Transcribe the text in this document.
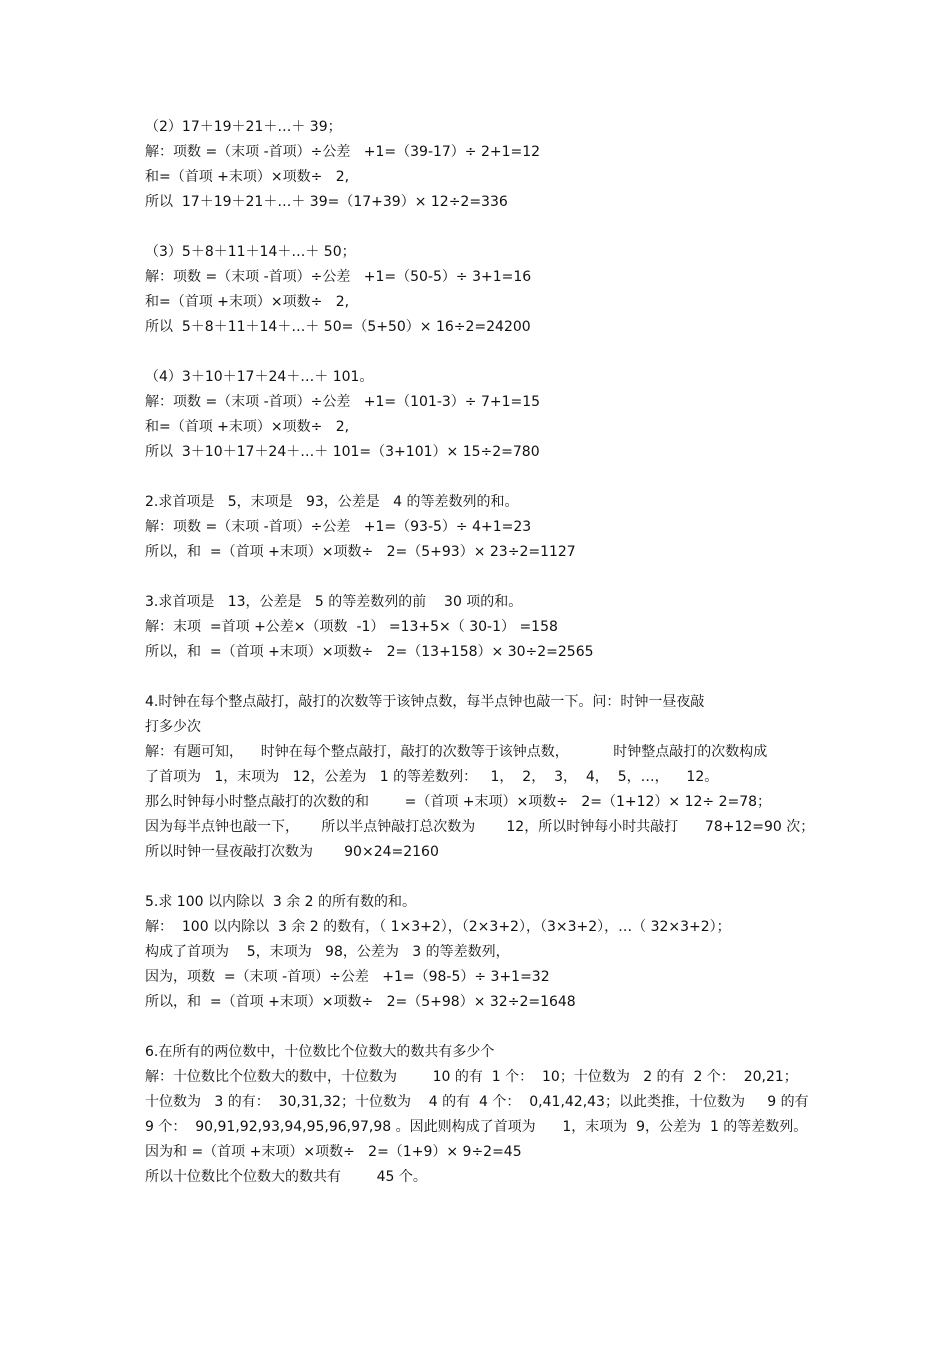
（2）17＋19＋21＋…＋ 39；

解：项数 =（末项 -首项）÷公差   +1=（39-17）÷ 2+1=12

和=（首项 +末项）×项数÷   2,

所以  17＋19＋21＋…＋ 39=（17+39）× 12÷2=336

（3）5＋8＋11＋14＋…＋ 50；

解：项数 =（末项 -首项）÷公差   +1=（50-5）÷ 3+1=16

和=（首项 +末项）×项数÷   2,

所以  5＋8＋11＋14＋…＋ 50=（5+50）× 16÷2=24200

（4）3＋10＋17＋24＋…＋ 101。

解：项数 =（末项 -首项）÷公差   +1=（101-3）÷ 7+1=15

和=（首项 +末项）×项数÷   2,

所以  3＋10＋17＋24＋…＋ 101=（3+101）× 15÷2=780

2.求首项是   5，末项是   93，公差是   4 的等差数列的和。

解：项数 =（末项 -首项）÷公差   +1=（93-5）÷ 4+1=23

所以，和  =（首项 +末项）×项数÷   2=（5+93）× 23÷2=1127

3.求首项是   13，公差是   5 的等差数列的前    30 项的和。

解：末项  =首项 +公差×（项数  -1） =13+5×（ 30-1） =158

所以，和  =（首项 +末项）×项数÷   2=（13+158）× 30÷2=2565

4.时钟在每个整点敲打，敲打的次数等于该钟点数，每半点钟也敲一下。问：时钟一昼夜敲

打多少次

解：有题可知，    时钟在每个整点敲打，敲打的次数等于该钟点数，          时钟整点敲打的次数构成

了首项为   1，末项为   12，公差为   1 的等差数列：   1，  2，  3，  4，  5，…，    12。

那么时钟每小时整点敲打的次数的和        =（首项 +末项）×项数÷   2=（1+12）× 12÷ 2=78；

因为每半点钟也敲一下，     所以半点钟敲打总次数为       12，所以时钟每小时共敲打      78+12=90 次；

所以时钟一昼夜敲打次数为       90×24=2160

5.求 100 以内除以  3 余 2 的所有数的和。

解：  100 以内除以  3 余 2 的数有，（ 1×3+2），（2×3+2），（3×3+2），…（ 32×3+2）；

构成了首项为    5，末项为   98，公差为   3 的等差数列，

因为，项数  =（末项 -首项）÷公差   +1=（98-5）÷ 3+1=32

所以，和  =（首项 +末项）×项数÷   2=（5+98）× 32÷2=1648

6.在所有的两位数中，十位数比个位数大的数共有多少个

解：十位数比个位数大的数中，十位数为        10 的有  1 个：  10；十位数为   2 的有  2 个：  20,21；

十位数为   3 的有：  30,31,32；十位数为    4 的有  4 个：  0,41,42,43；以此类推，十位数为     9 的有

9 个：  90,91,92,93,94,95,96,97,98 。因此则构成了首项为      1，末项为  9，公差为  1 的等差数列。

因为和 =（首项 +末项）×项数÷   2=（1+9）× 9÷2=45

所以十位数比个位数大的数共有        45 个。
